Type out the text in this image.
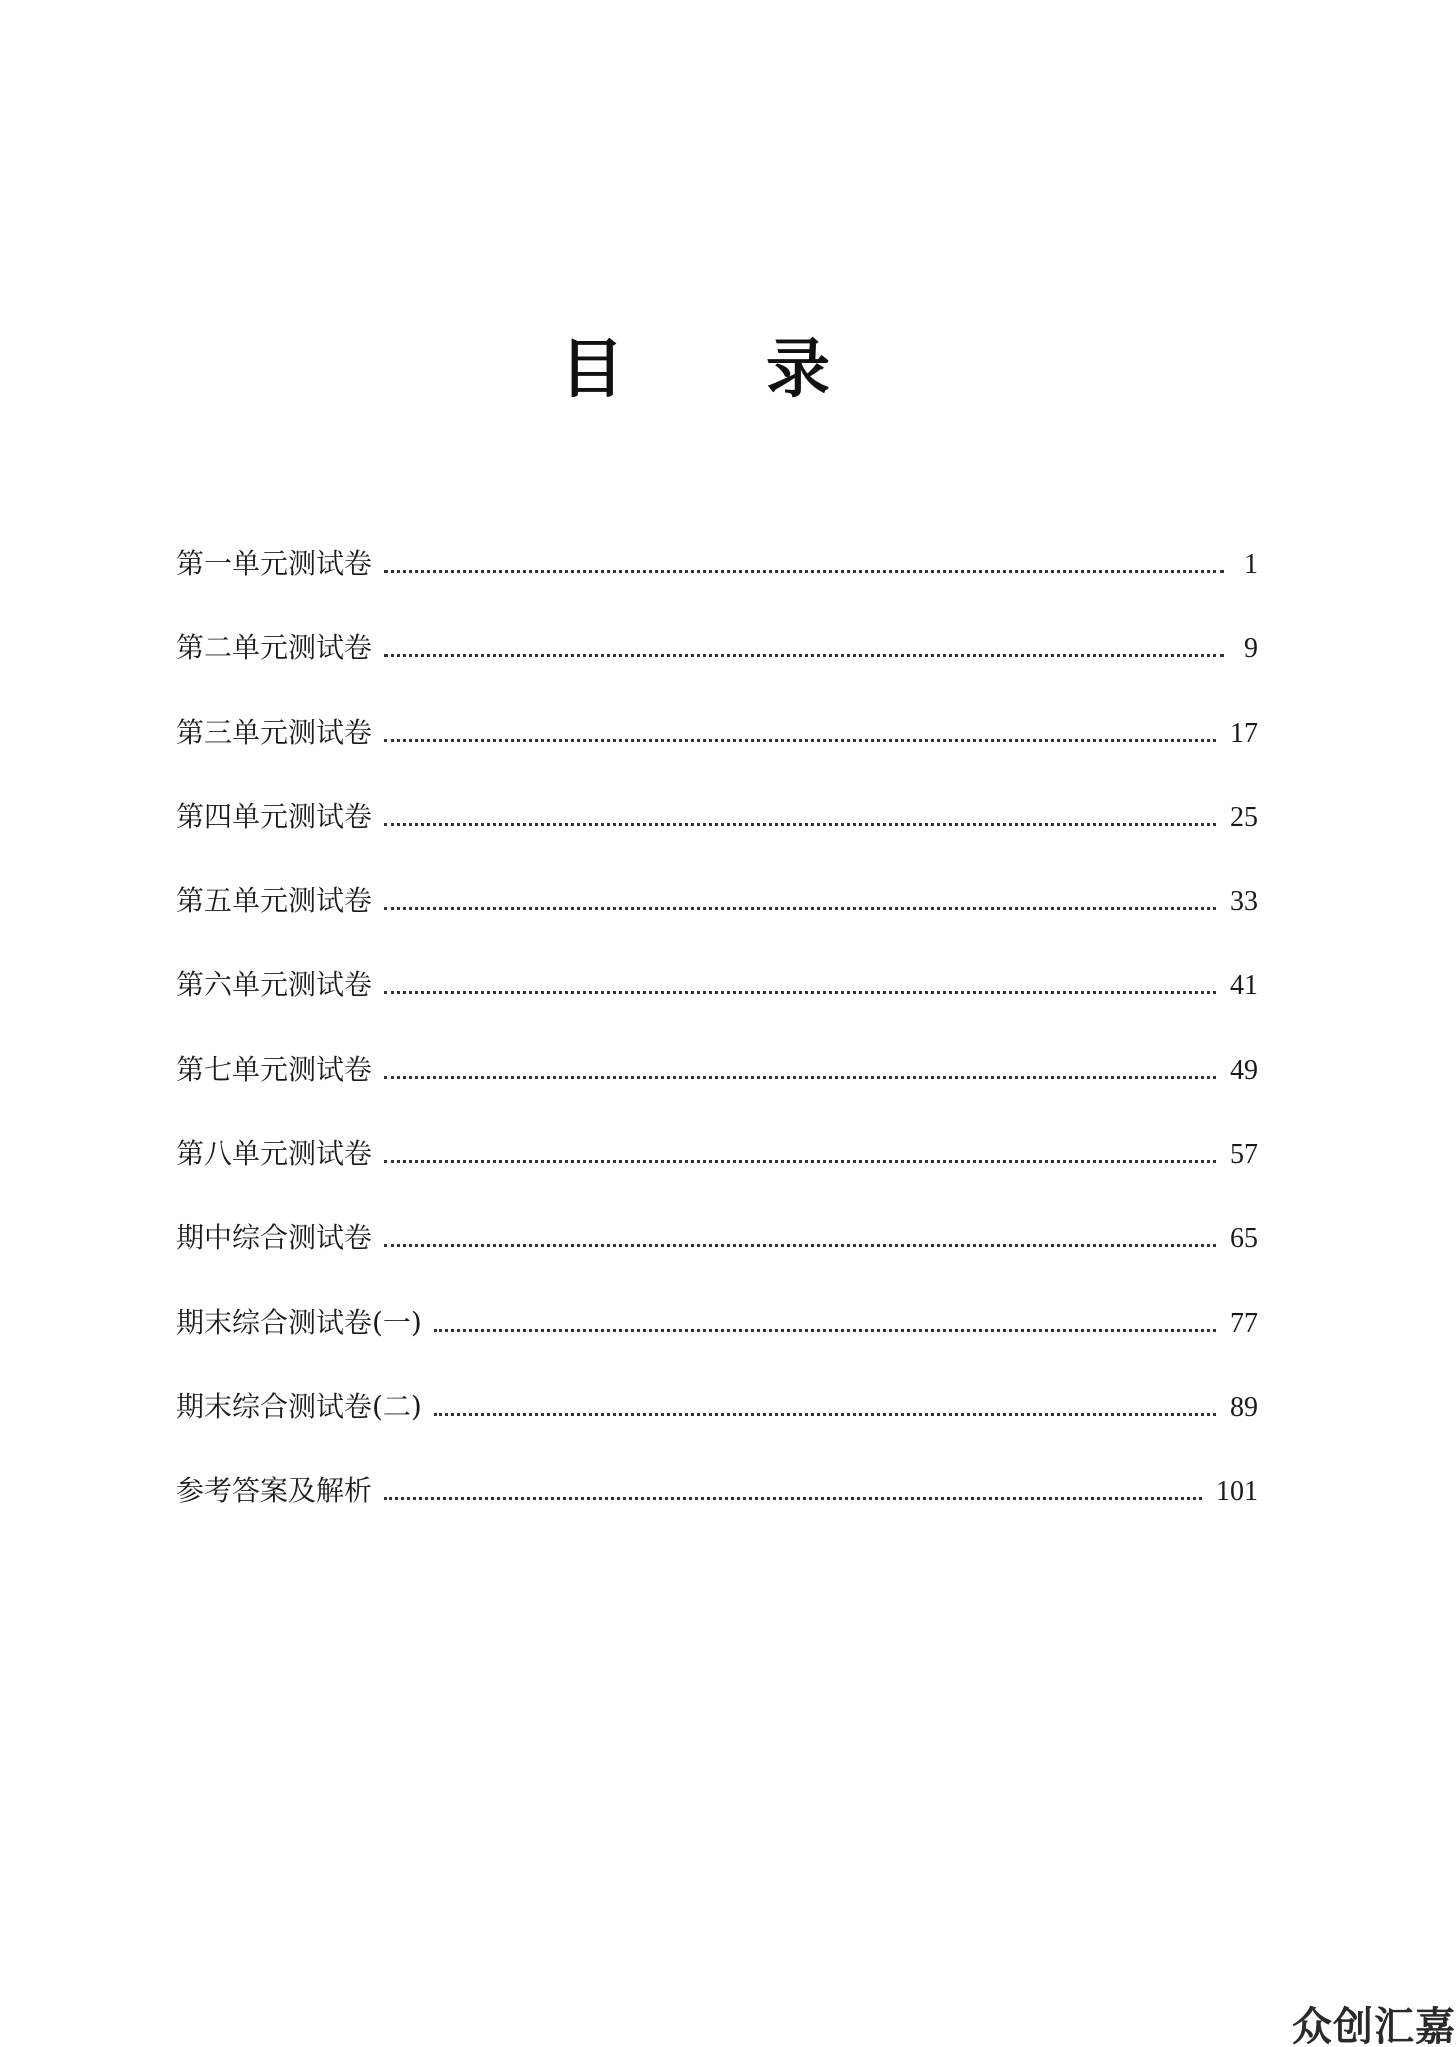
目 录
第一单元测试卷	1
第二单元测试卷	9
第三单元测试卷	17
第四单元测试卷	25
第五单元测试卷	33
第六单元测试卷	41
第七单元测试卷	49
第八单元测试卷	57
期中综合测试卷	65
期末综合测试卷(一)	77
期末综合测试卷(二)	89
参考答案及解析	101
众创汇嘉
